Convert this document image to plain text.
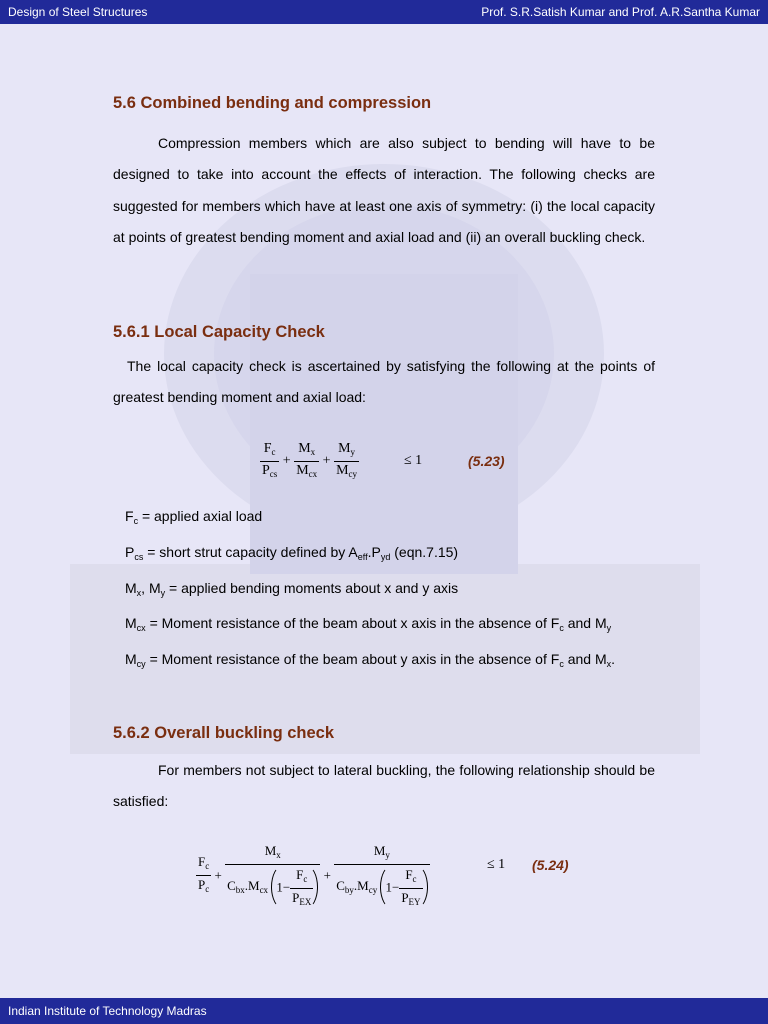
Design of Steel Structures	Prof. S.R.Satish Kumar and Prof. A.R.Santha Kumar
5.6 Combined bending and compression

Compression members which are also subject to bending will have to be designed to take into account the effects of interaction. The following checks are suggested for members which have at least one axis of symmetry: (i) the local capacity at points of greatest bending moment and axial load and (ii) an overall buckling check.

5.6.1 Local Capacity Check

The local capacity check is ascertained by satisfying the following at the points of greatest bending moment and axial load:

$\frac{F_c}{P_{cs}} + \frac{M_x}{M_{cx}} + \frac{M_y}{M_{cy}}$	≤ 1	(5.23)
$F_c$ = applied axial load
$P_{cs}$ = short strut capacity defined by $A_{eff}.P_{yd}$ (eqn.7.15)
$M_x$, $M_y$ = applied bending moments about x and y axis
$M_{cx}$ = Moment resistance of the beam about x axis in the absence of $F_c$ and $M_y$
$M_{cy}$ = Moment resistance of the beam about y axis in the absence of $F_c$ and $M_x$.
5.6.2 Overall buckling check

For members not subject to lateral buckling, the following relationship should be satisfied:

$\frac{F_c}{P_c} + \frac{M_x}{C_{bx}.M_{cx} 1- \frac{F_c}{P_{EX}}} + \frac{M_y}{C_{by}.M_{cy} 1- \frac{F_c}{P_{EY}}}$	≤ 1 (5.24)
Indian Institute of Technology Madras
